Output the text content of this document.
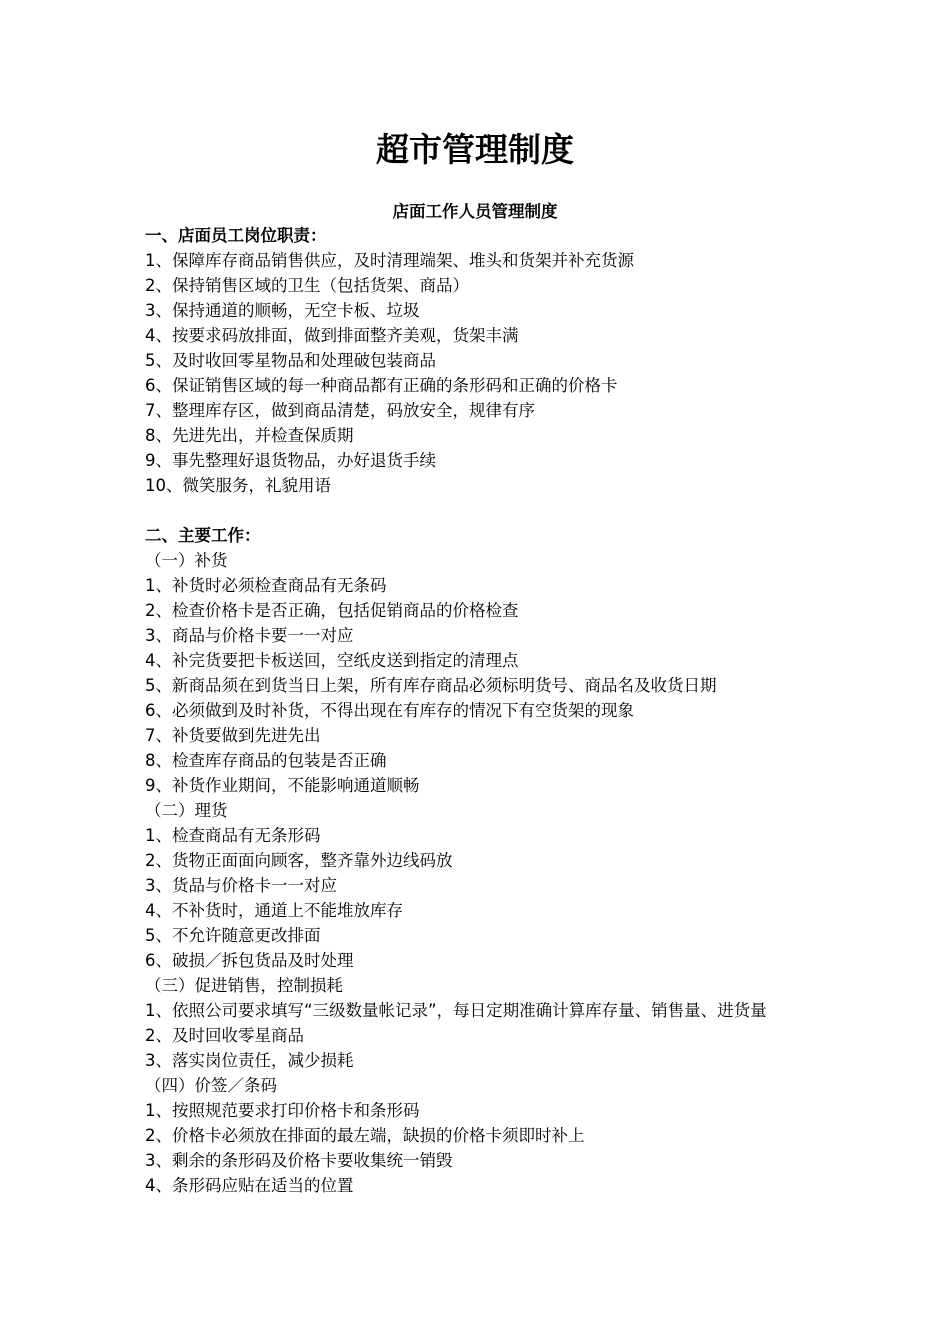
超市管理制度
店面工作人员管理制度
一、店面员工岗位职责：
1、保障库存商品销售供应，及时清理端架、堆头和货架并补充货源
2、保持销售区域的卫生（包括货架、商品）
3、保持通道的顺畅，无空卡板、垃圾
4、按要求码放排面，做到排面整齐美观，货架丰满
5、及时收回零星物品和处理破包装商品
6、保证销售区域的每一种商品都有正确的条形码和正确的价格卡
7、整理库存区，做到商品清楚，码放安全，规律有序
8、先进先出，并检查保质期
9、事先整理好退货物品，办好退货手续
10、微笑服务，礼貌用语
二、主要工作：
（一）补货
1、补货时必须检查商品有无条码
2、检查价格卡是否正确，包括促销商品的价格检查
3、商品与价格卡要一一对应
4、补完货要把卡板送回，空纸皮送到指定的清理点
5、新商品须在到货当日上架，所有库存商品必须标明货号、商品名及收货日期
6、必须做到及时补货，不得出现在有库存的情况下有空货架的现象
7、补货要做到先进先出
8、检查库存商品的包装是否正确
9、补货作业期间，不能影响通道顺畅
（二）理货
1、检查商品有无条形码
2、货物正面面向顾客，整齐靠外边线码放
3、货品与价格卡一一对应
4、不补货时，通道上不能堆放库存
5、不允许随意更改排面
6、破损／拆包货品及时处理
（三）促进销售，控制损耗
1、依照公司要求填写“三级数量帐记录”，每日定期准确计算库存量、销售量、进货量
2、及时回收零星商品
3、落实岗位责任，减少损耗
（四）价签／条码
1、按照规范要求打印价格卡和条形码
2、价格卡必须放在排面的最左端，缺损的价格卡须即时补上
3、剩余的条形码及价格卡要收集统一销毁
4、条形码应贴在适当的位置
